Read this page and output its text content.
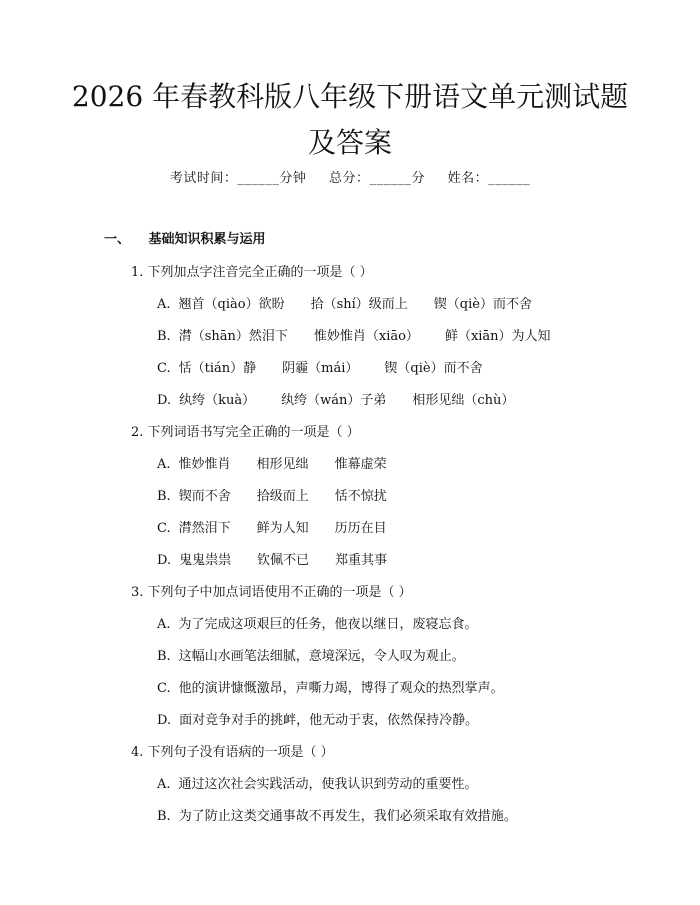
2026 年春教科版八年级下册语文单元测试题
及答案
考试时间：______分钟 总分：______分 姓名：______
一、 基础知识积累与运用
1. 下列加点字注音完全正确的一项是（ ）
A. 翘首（qiào）欲盼 拾（shí）级而上 锲（qiè）而不舍
B. 潸（shān）然泪下 惟妙惟肖（xiāo） 鲜（xiān）为人知
C. 恬（tián）静 阴霾（mái） 锲（qiè）而不舍
D. 纨绔（kuà） 纨绔（wán）子弟 相形见绌（chù）
2. 下列词语书写完全正确的一项是（ ）
A. 惟妙惟肖 相形见绌 惟幕虚荣
B. 锲而不舍 拾级而上 恬不惊扰
C. 潸然泪下 鲜为人知 历历在目
D. 鬼鬼祟祟 钦佩不已 郑重其事
3. 下列句子中加点词语使用不正确的一项是（ ）
A. 为了完成这项艰巨的任务，他夜以继日，废寝忘食。
B. 这幅山水画笔法细腻，意境深远，令人叹为观止。
C. 他的演讲慷慨激昂，声嘶力竭，博得了观众的热烈掌声。
D. 面对竞争对手的挑衅，他无动于衷，依然保持冷静。
4. 下列句子没有语病的一项是（ ）
A. 通过这次社会实践活动，使我认识到劳动的重要性。
B. 为了防止这类交通事故不再发生，我们必须采取有效措施。
